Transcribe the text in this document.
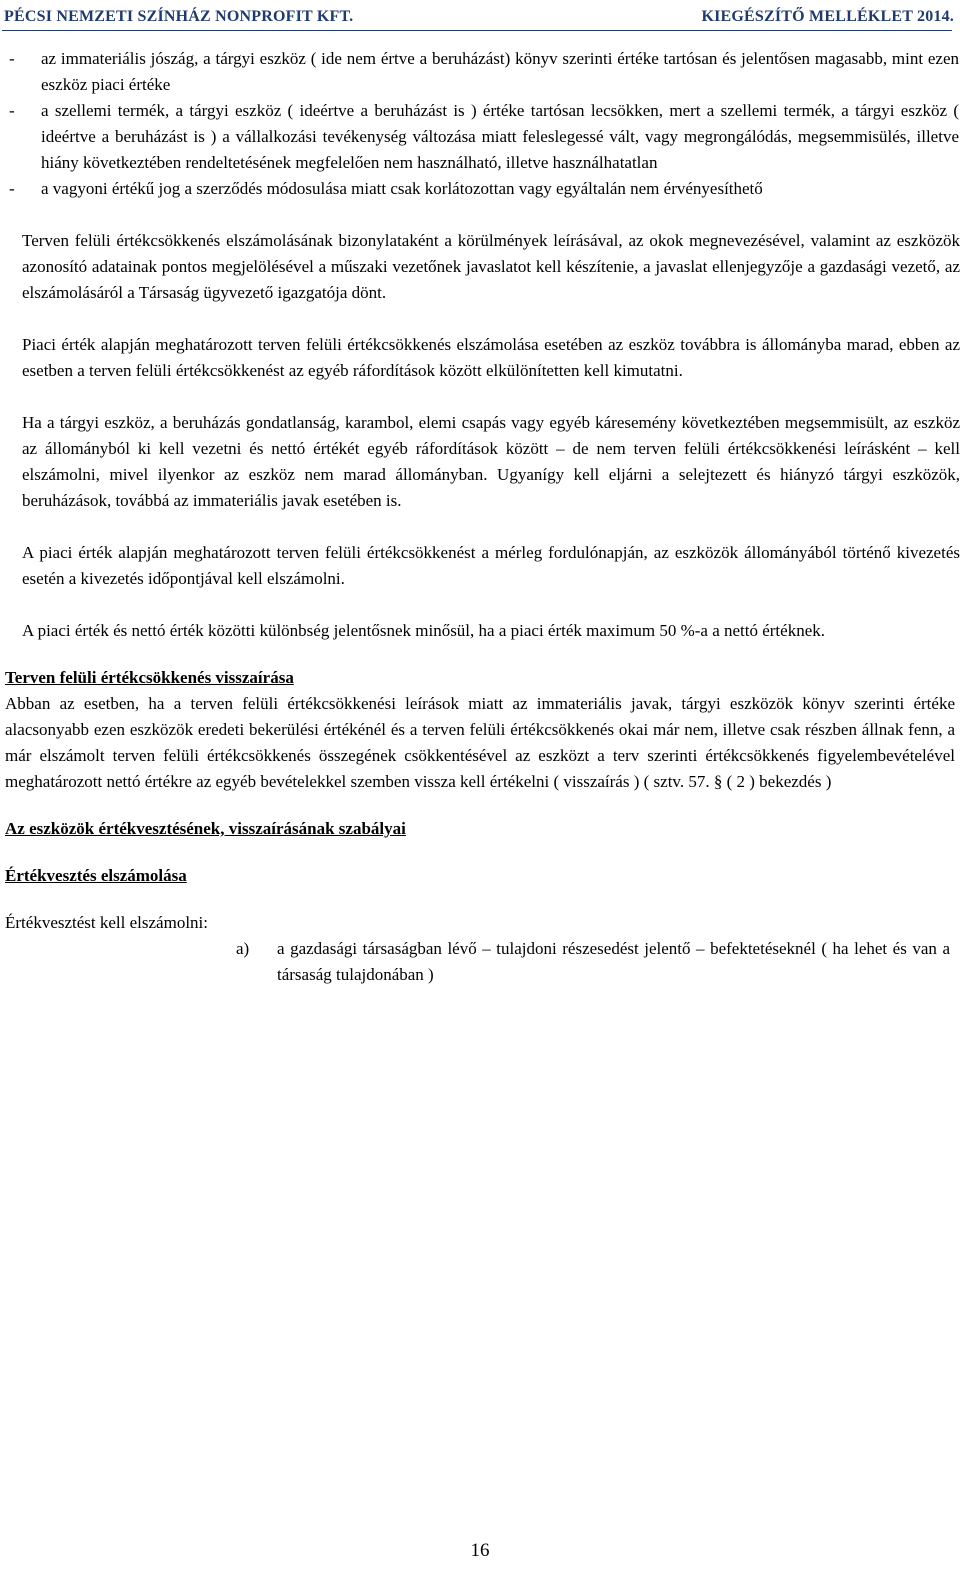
PÉCSI NEMZETI SZÍNHÁZ NONPROFIT KFT.	KIEGÉSZÍTŐ MELLÉKLET 2014.
- az immateriális jószág, a tárgyi eszköz ( ide nem értve a beruházást) könyv szerinti értéke tartósan és jelentősen magasabb, mint ezen eszköz piaci értéke
- a szellemi termék, a tárgyi eszköz ( ideértve a beruházást is ) értéke tartósan lecsökken, mert a szellemi termék, a tárgyi eszköz ( ideértve a beruházást is ) a vállalkozási tevékenység változása miatt feleslegessé vált, vagy megrongálódás, megsemmisülés, illetve hiány következtében rendeltetésének megfelelően nem használható, illetve használhatatlan
- a vagyoni értékű jog a szerződés módosulása miatt csak korlátozottan vagy egyáltalán nem érvényesíthető

Terven felüli értékcsökkenés elszámolásának bizonylataként a körülmények leírásával, az okok megnevezésével, valamint az eszközök azonosító adatainak pontos megjelölésével a műszaki vezetőnek javaslatot kell készítenie, a javaslat ellenjegyzője a gazdasági vezető, az elszámolásáról a Társaság ügyvezető igazgatója dönt.

Piaci érték alapján meghatározott terven felüli értékcsökkenés elszámolása esetében az eszköz továbbra is állományba marad, ebben az esetben a terven felüli értékcsökkenést az egyéb ráfordítások között elkülönítetten kell kimutatni.

Ha a tárgyi eszköz, a beruházás gondatlanság, karambol, elemi csapás vagy egyéb káresemény következtében megsemmisült, az eszköz az állományból ki kell vezetni és nettó értékét egyéb ráfordítások között – de nem terven felüli értékcsökkenési leírásként – kell elszámolni, mivel ilyenkor az eszköz nem marad állományban. Ugyanígy kell eljárni a selejtezett és hiányzó tárgyi eszközök, beruházások, továbbá az immateriális javak esetében is.

A piaci érték alapján meghatározott terven felüli értékcsökkenést a mérleg fordulónapján, az eszközök állományából történő kivezetés esetén a kivezetés időpontjával kell elszámolni.

A piaci érték és nettó érték közötti különbség jelentősnek minősül, ha a piaci érték maximum 50 %-a a nettó értéknek.

Terven felüli értékcsökkenés visszaírása

Abban az esetben, ha a terven felüli értékcsökkenési leírások miatt az immateriális javak, tárgyi eszközök könyv szerinti értéke alacsonyabb ezen eszközök eredeti bekerülési értékénél és a terven felüli értékcsökkenés okai már nem, illetve csak részben állnak fenn, a már elszámolt terven felüli értékcsökkenés összegének csökkentésével az eszközt a terv szerinti értékcsökkenés figyelembevételével meghatározott nettó értékre az egyéb bevételekkel szemben vissza kell értékelni ( visszaírás ) ( sztv. 57. § ( 2 ) bekezdés )

Az eszközök értékvesztésének, visszaírásának szabályai
Értékvesztés elszámolása
Értékvesztést kell elszámolni:
a) a gazdasági társaságban lévő – tulajdoni részesedést jelentő – befektetéseknél ( ha lehet és van a társaság tulajdonában )

16
